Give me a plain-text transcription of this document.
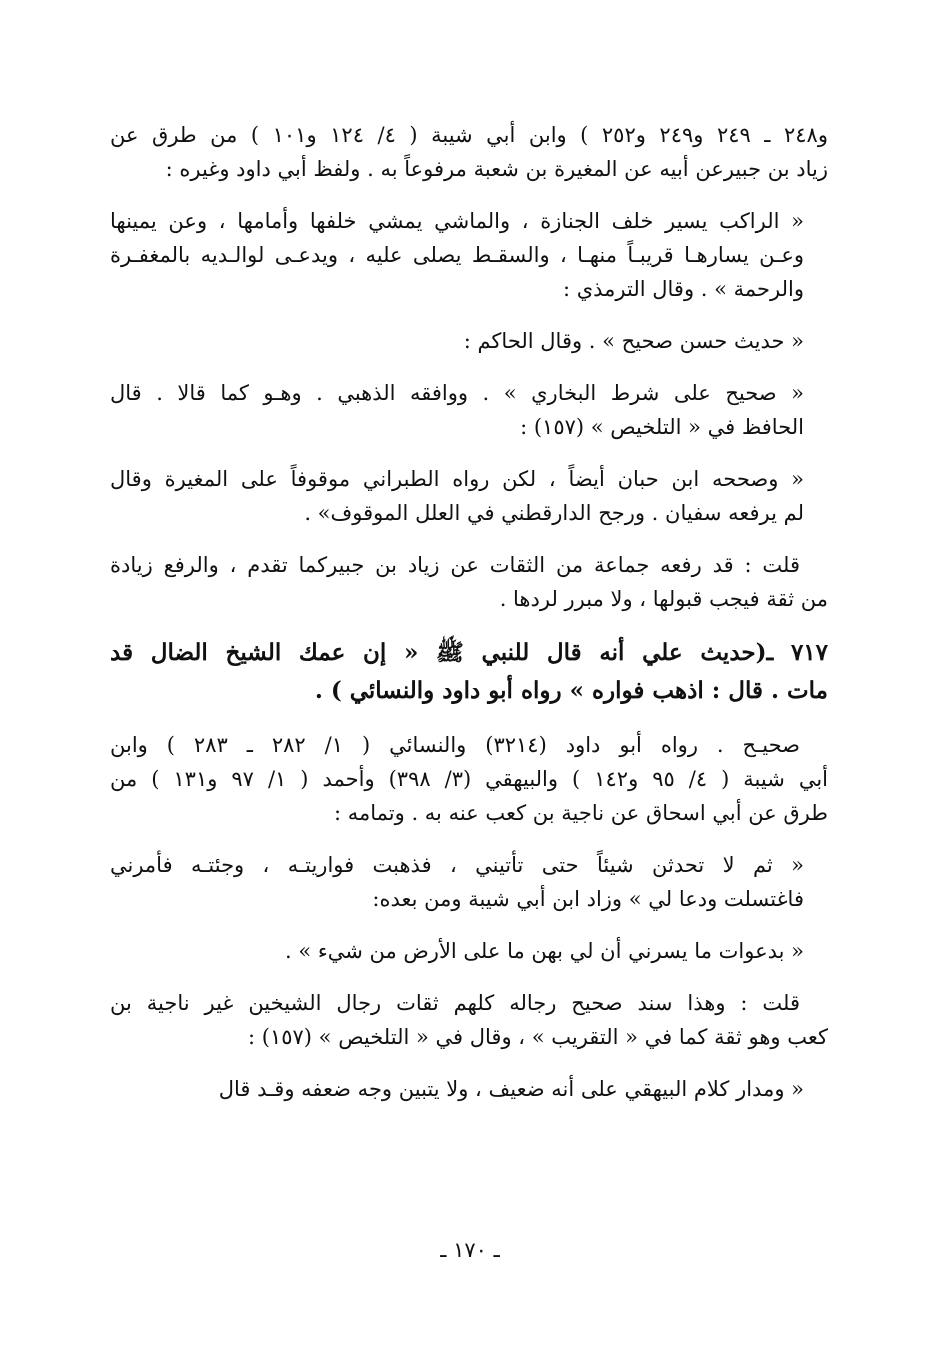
و٢٤٨ ـ ٢٤٩ و٢٤٩ و٢٥٢ ) وابن أبي شيبة ( ٤/ ١٢٤ و١٠١ ) من طرق عن
زياد بن جبيرعن أبيه عن المغيرة بن شعبة مرفوعاً به . ولفظ أبي داود وغيره :
« الراكب يسير خلف الجنازة ، والماشي يمشي خلفها وأمامها ، وعن يمينها
وعـن يسارهـا قريبـاً منهـا ، والسقـط يصلى عليه ، ويدعـى لوالـديه بالمغفـرة
والرحمة » . وقال الترمذي :
« حديث حسن صحيح » . وقال الحاكم :
« صحيح على شرط البخاري » . ووافقه الذهبي . وهـو كما قالا . قال
الحافظ في « التلخيص » (١٥٧) :
« وصححه ابن حبان أيضاً ، لكن رواه الطبراني موقوفاً على المغيرة وقال
لم يرفعه سفيان . ورجح الدارقطني في العلل الموقوف» .
قلت : قد رفعه جماعة من الثقات عن زياد بن جبيركما تقدم ، والرفع زيادة
من ثقة فيجب قبولها ، ولا مبرر لردها .
٧١٧ ـ(حديث علي أنه قال للنبي ﷺ « إن عمك الشيخ الضال قد
مات . قال : اذهب فواره » رواه أبو داود والنسائي ) .
صحيـح . رواه أبو داود (٣٢١٤) والنسائي ( ١/ ٢٨٢ ـ ٢٨٣ ) وابن
أبي شيبة ( ٤/ ٩٥ و١٤٢ ) والبيهقي (٣/ ٣٩٨) وأحمد ( ١/ ٩٧ و١٣١ ) من
طرق عن أبي اسحاق عن ناجية بن كعب عنه به . وتمامه :
« ثم لا تحدثن شيئاً حتى تأتيني ، فذهبت فواريتـه ، وجئتـه فأمرني
فاغتسلت ودعا لي » وزاد ابن أبي شيبة ومن بعده:
« بدعوات ما يسرني أن لي بهن ما على الأرض من شيء » .
قلت : وهذا سند صحيح رجاله كلهم ثقات رجال الشيخين غير ناجية بن
كعب وهو ثقة كما في « التقريب » ، وقال في « التلخيص » (١٥٧) :
« ومدار كلام البيهقي على أنه ضعيف ، ولا يتبين وجه ضعفه وقـد قال
ـ ١٧٠ ـ
